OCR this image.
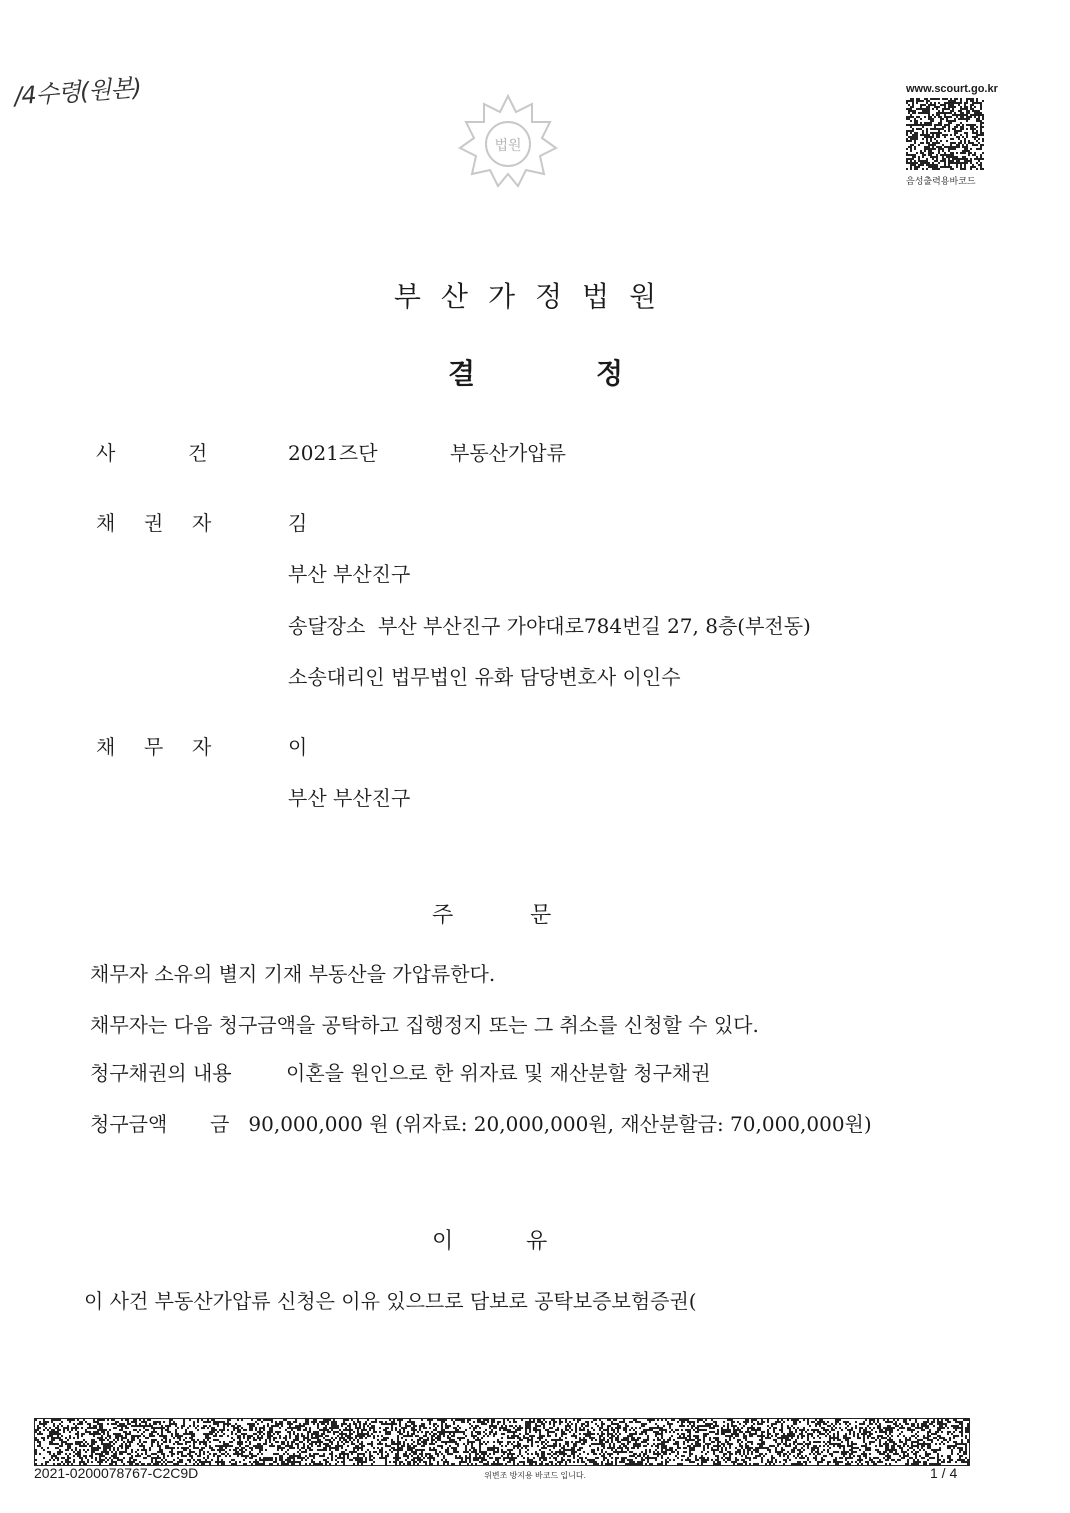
/4수령(원본)
법원
www.scourt.go.kr
음성출력용바코드
부산가정법원
결	정
사	건	2021즈단	부동산가압류
채 권 자	김
부산 부산진구
송달장소  부산 부산진구 가야대로784번길 27, 8층(부전동)
소송대리인 법무법인 유화 담당변호사 이인수
채 무 자	이
부산 부산진구
주	문
채무자 소유의 별지 기재 부동산을 가압류한다.
채무자는 다음 청구금액을 공탁하고 집행정지 또는 그 취소를 신청할 수 있다.
청구채권의 내용	이혼을 원인으로 한 위자료 및 재산분할 청구채권
청구금액 금   90,000,000 원 (위자료: 20,000,000원, 재산분할금: 70,000,000원)
이	유
이 사건 부동산가압류 신청은 이유 있으므로 담보로 공탁보증보험증권(
2021-0200078767-C2C9D	위변조 방지용 바코드 입니다.	1 / 4
